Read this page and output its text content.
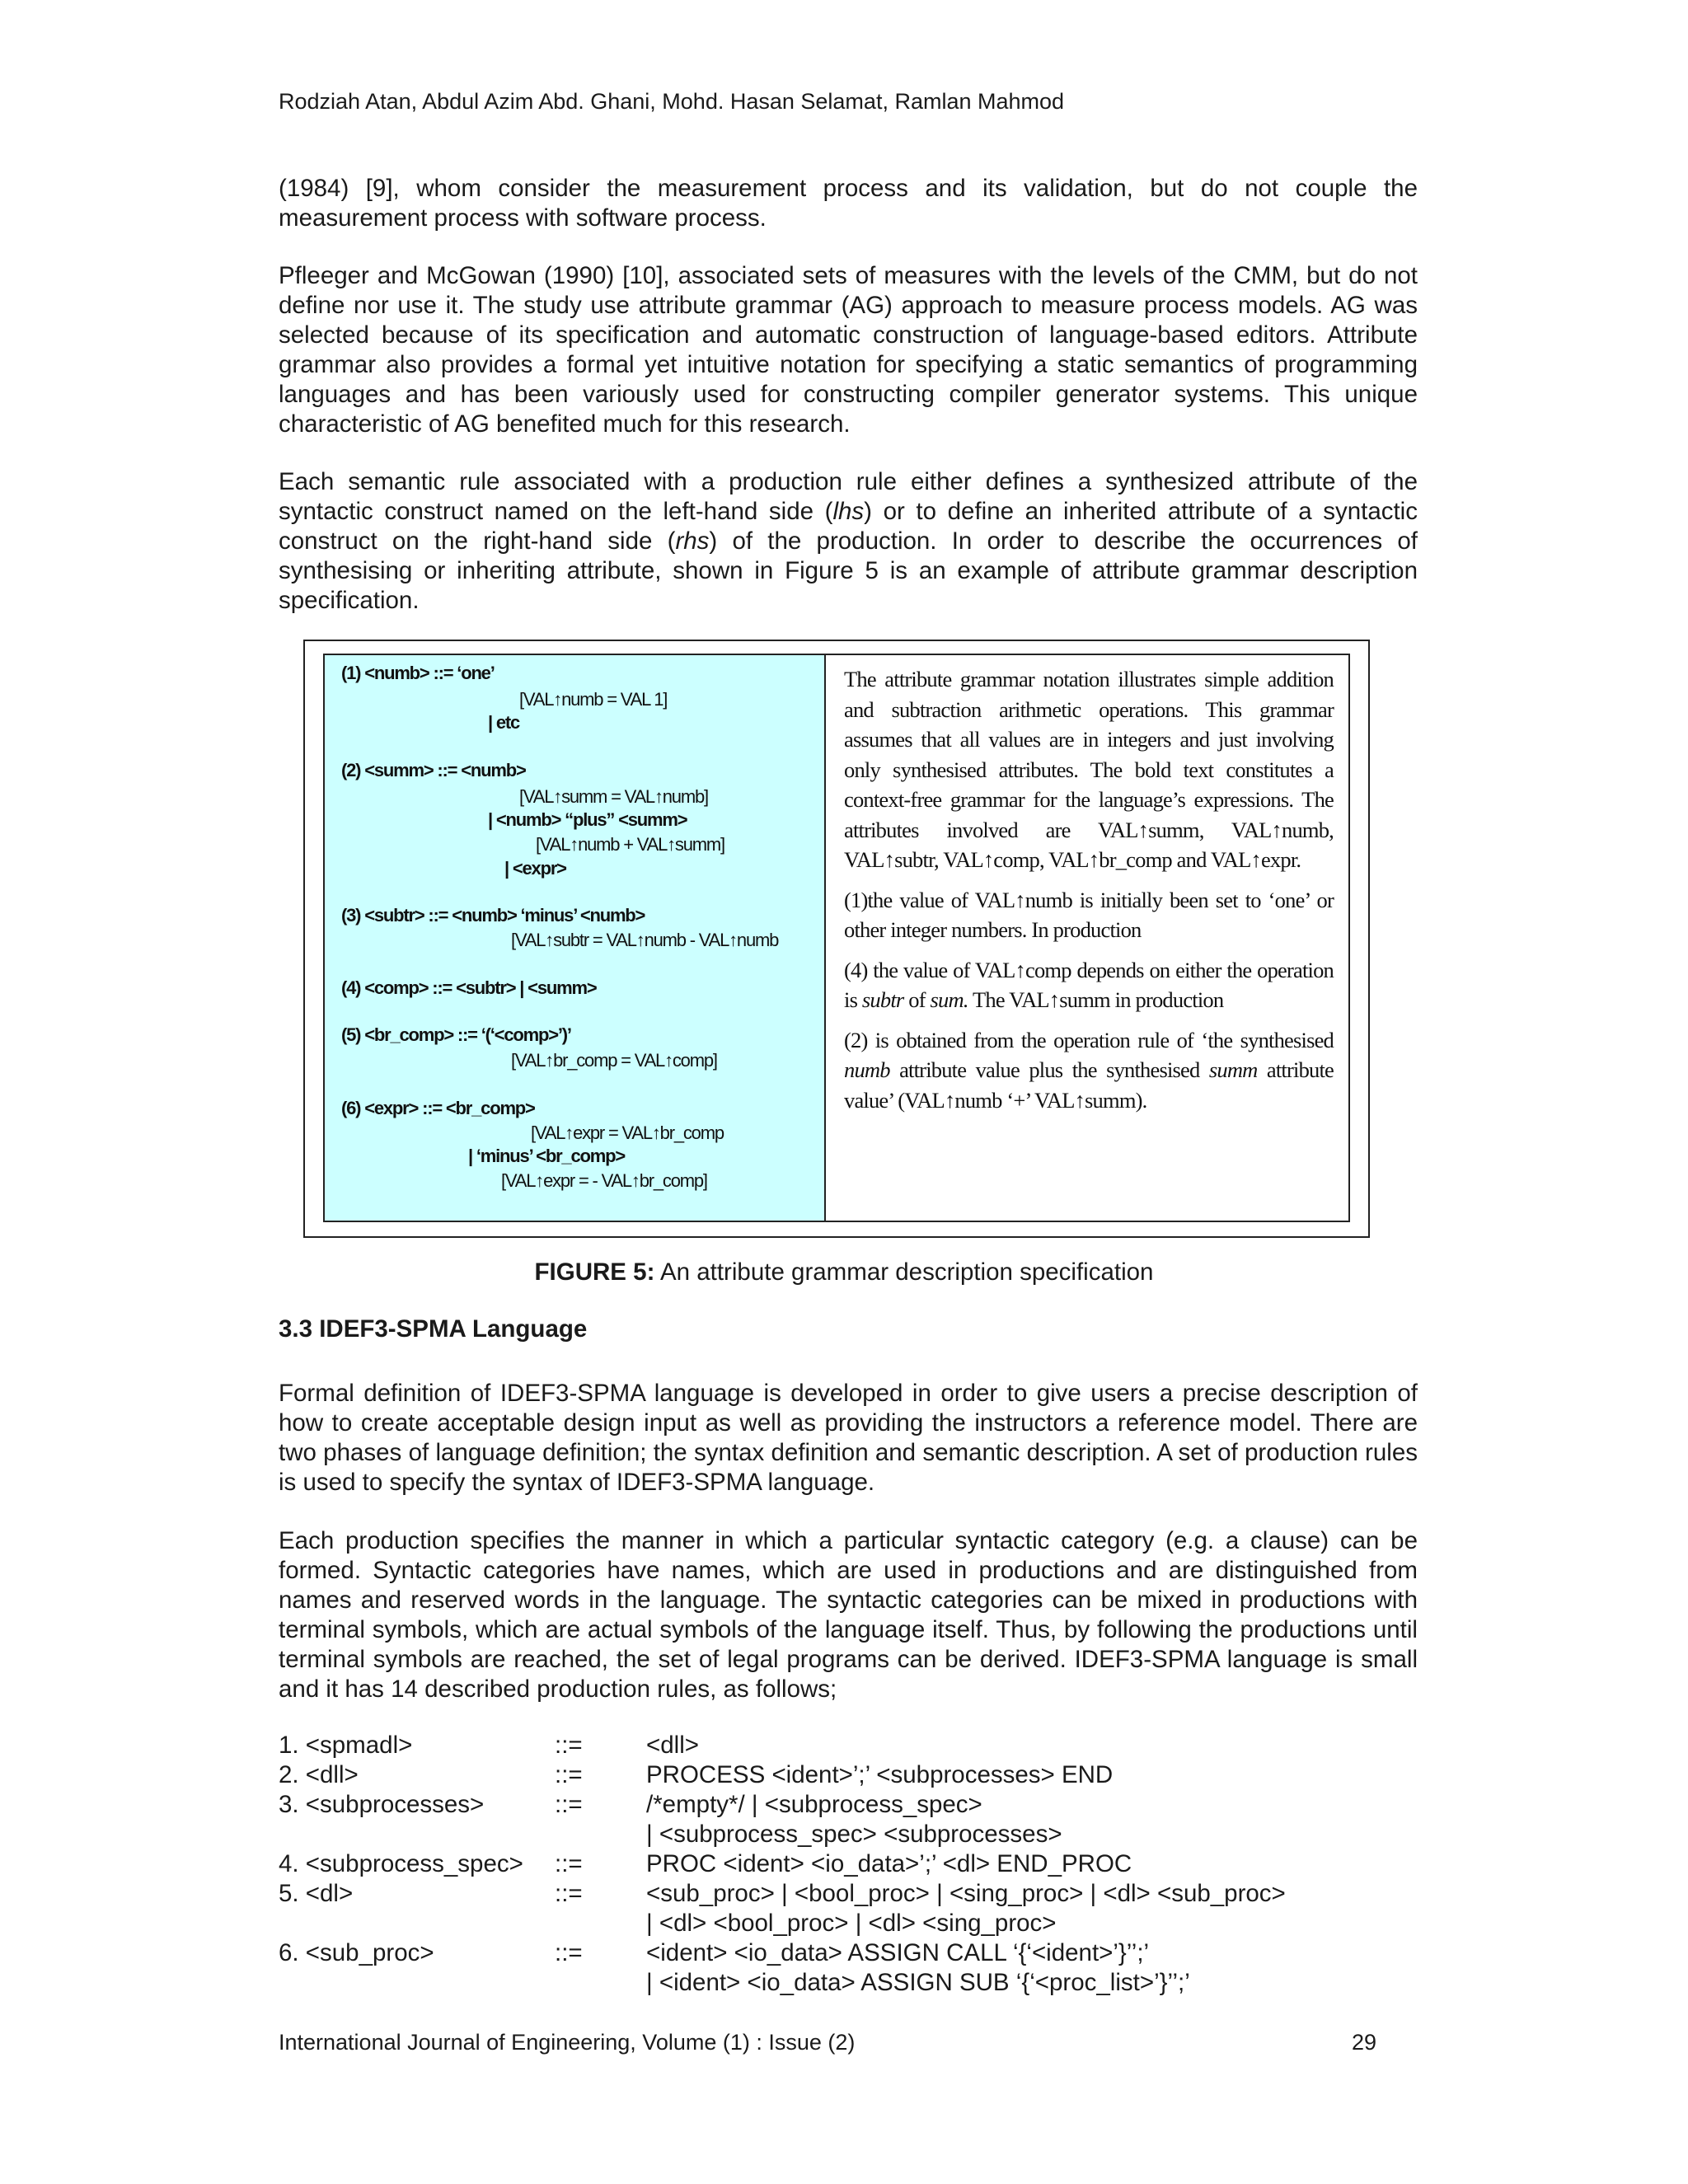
Rodziah Atan, Abdul Azim Abd. Ghani, Mohd. Hasan Selamat, Ramlan Mahmod

(1984) [9], whom consider the measurement process and its validation, but do not couple the measurement process with software process.

Pfleeger and McGowan (1990) [10], associated sets of measures with the levels of the CMM, but do not define nor use it. The study use attribute grammar (AG) approach to measure process models. AG was selected because of its specification and automatic construction of language-based editors. Attribute grammar also provides a formal yet intuitive notation for specifying a static semantics of programming languages and has been variously used for constructing compiler generator systems. This unique characteristic of AG benefited much for this research.

Each semantic rule associated with a production rule either defines a synthesized attribute of the syntactic construct named on the left-hand side (lhs) or to define an inherited attribute of a syntactic construct on the right-hand side (rhs) of the production. In order to describe the occurrences of synthesising or inheriting attribute, shown in Figure 5 is an example of attribute grammar description specification.

(1) <numb> ::= ‘one’
[VAL↑numb = VAL 1]
| etc
(2) <summ> ::= <numb>
[VAL↑summ = VAL↑numb]
| <numb> “plus” <summ>
[VAL↑numb + VAL↑summ]
| <expr>
(3) <subtr> ::= <numb> ‘minus’ <numb>
[VAL↑subtr = VAL↑numb - VAL↑numb
(4) <comp> ::= <subtr> | <summ>
(5) <br_comp> ::= ‘(‘<comp>’)’
[VAL↑br_comp = VAL↑comp]
(6) <expr> ::= <br_comp>
[VAL↑expr = VAL↑br_comp
| ‘minus’ <br_comp>
[VAL↑expr = - VAL↑br_comp]

The attribute grammar notation illustrates simple addition and subtraction arithmetic operations. This grammar assumes that all values are in integers and just involving only synthesised attributes. The bold text constitutes a context-free grammar for the language’s expressions. The attributes involved are VAL↑summ, VAL↑numb, VAL↑subtr, VAL↑comp, VAL↑br_comp and VAL↑expr.

(1)the value of VAL↑numb is initially been set to ‘one’ or other integer numbers. In production

(4) the value of VAL↑comp depends on either the operation is subtr of sum. The VAL↑summ in production

(2) is obtained from the operation rule of ‘the synthesised numb attribute value plus the synthesised summ attribute value’ (VAL↑numb ‘+’ VAL↑summ).

FIGURE 5: An attribute grammar description specification
3.3 IDEF3-SPMA Language

Formal definition of IDEF3-SPMA language is developed in order to give users a precise description of how to create acceptable design input as well as providing the instructors a reference model. There are two phases of language definition; the syntax definition and semantic description. A set of production rules is used to specify the syntax of IDEF3-SPMA language.

Each production specifies the manner in which a particular syntactic category (e.g. a clause) can be formed. Syntactic categories have names, which are used in productions and are distinguished from names and reserved words in the language. The syntactic categories can be mixed in productions with terminal symbols, which are actual symbols of the language itself. Thus, by following the productions until terminal symbols are reached, the set of legal programs can be derived. IDEF3-SPMA language is small and it has 14 described production rules, as follows;

1. <spmadl>	::=	<dll>
2. <dll>	::=	PROCESS <ident>’;’ <subprocesses> END
3. <subprocesses>	::=	/*empty*/ | <subprocess_spec>
| <subprocess_spec> <subprocesses>
4. <subprocess_spec> ::=	PROC <ident> <io_data>’;’ <dl> END_PROC
5. <dl>	::=	<sub_proc> | <bool_proc> | <sing_proc> | <dl> <sub_proc>
| <dl> <bool_proc> | <dl> <sing_proc>
6. <sub_proc>	::=	<ident> <io_data> ASSIGN CALL ‘{‘<ident>’}’’;’
| <ident> <io_data> ASSIGN SUB ‘{‘<proc_list>’}’’;’
International Journal of Engineering, Volume (1) : Issue (2)	29
